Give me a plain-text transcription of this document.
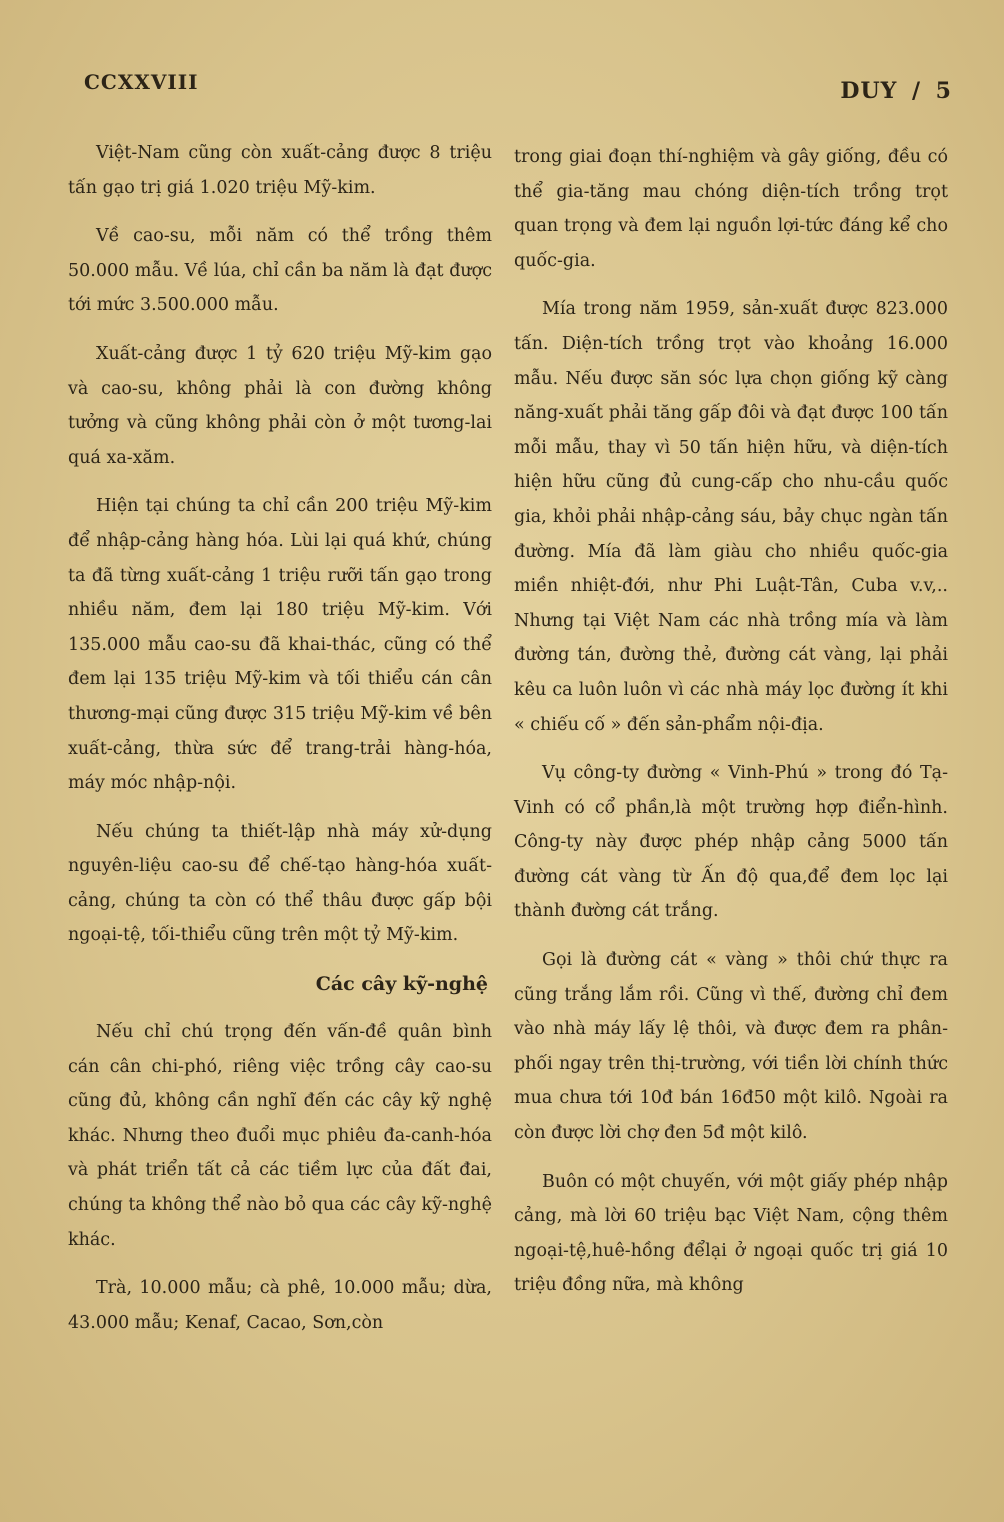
CCXXVIII	DUY / 5

Việt-Nam cũng còn xuất-cảng được 8 triệu tấn gạo trị giá 1.020 triệu Mỹ-kim.

Về cao-su, mỗi năm có thể trồng thêm 50.000 mẫu. Về lúa, chỉ cần ba năm là đạt được tới mức 3.500.000 mẫu.

Xuất-cảng được 1 tỷ 620 triệu Mỹ-kim gạo và cao-su, không phải là con đường không tưởng và cũng không phải còn ở một tương-lai quá xa-xăm.

Hiện tại chúng ta chỉ cần 200 triệu Mỹ-kim để nhập-cảng hàng hóa. Lùi lại quá khứ, chúng ta đã từng xuất-cảng 1 triệu rưỡi tấn gạo trong nhiều năm, đem lại 180 triệu Mỹ-kim. Với 135.000 mẫu cao-su đã khai-thác, cũng có thể đem lại 135 triệu Mỹ-kim và tối thiểu cán cân thương-mại cũng được 315 triệu Mỹ-kim về bên xuất-cảng, thừa sức để trang-trải hàng-hóa, máy móc nhập-nội.

Nếu chúng ta thiết-lập nhà máy xử-dụng nguyên-liệu cao-su để chế-tạo hàng-hóa xuất-cảng, chúng ta còn có thể thâu được gấp bội ngoại-tệ, tối-thiểu cũng trên một tỷ Mỹ-kim.

Các cây kỹ-nghệ

Nếu chỉ chú trọng đến vấn-đề quân bình cán cân chi-phó, riêng việc trồng cây cao-su cũng đủ, không cần nghĩ đến các cây kỹ nghệ khác. Nhưng theo đuổi mục phiêu đa-canh-hóa và phát triển tất cả các tiềm lực của đất đai, chúng ta không thể nào bỏ qua các cây kỹ-nghệ khác.

Trà, 10.000 mẫu; cà phê, 10.000 mẫu; dừa, 43.000 mẫu; Kenaf, Cacao, Sơn,còn

trong giai đoạn thí-nghiệm và gây giống, đều có thể gia-tăng mau chóng diện-tích trồng trọt quan trọng và đem lại nguồn lợi-tức đáng kể cho quốc-gia.

Mía trong năm 1959, sản-xuất được 823.000 tấn. Diện-tích trồng trọt vào khoảng 16.000 mẫu. Nếu được săn sóc lựa chọn giống kỹ càng năng-xuất phải tăng gấp đôi và đạt được 100 tấn mỗi mẫu, thay vì 50 tấn hiện hữu, và diện-tích hiện hữu cũng đủ cung-cấp cho nhu-cầu quốc gia, khỏi phải nhập-cảng sáu, bảy chục ngàn tấn đường. Mía đã làm giàu cho nhiều quốc-gia miền nhiệt-đới, như Phi Luật-Tân, Cuba v.v,.. Nhưng tại Việt Nam các nhà trồng mía và làm đường tán, đường thẻ, đường cát vàng, lại phải kêu ca luôn luôn vì các nhà máy lọc đường ít khi « chiếu cố » đến sản-phẩm nội-địa.

Vụ công-ty đường « Vinh-Phú » trong đó Tạ-Vinh có cổ phần,là một trường hợp điển-hình. Công-ty này được phép nhập cảng 5000 tấn đường cát vàng từ Ấn độ qua,để đem lọc lại thành đường cát trắng.

Gọi là đường cát « vàng » thôi chứ thực ra cũng trắng lắm rồi. Cũng vì thế, đường chỉ đem vào nhà máy lấy lệ thôi, và được đem ra phân-phối ngay trên thị-trường, với tiền lời chính thức mua chưa tới 10đ bán 16đ50 một kilô. Ngoài ra còn được lời chợ đen 5đ một kilô.

Buôn có một chuyến, với một giấy phép nhập cảng, mà lời 60 triệu bạc Việt Nam, cộng thêm ngoại-tệ,huê-hồng đểlại ở ngoại quốc trị giá 10 triệu đồng nữa, mà không
